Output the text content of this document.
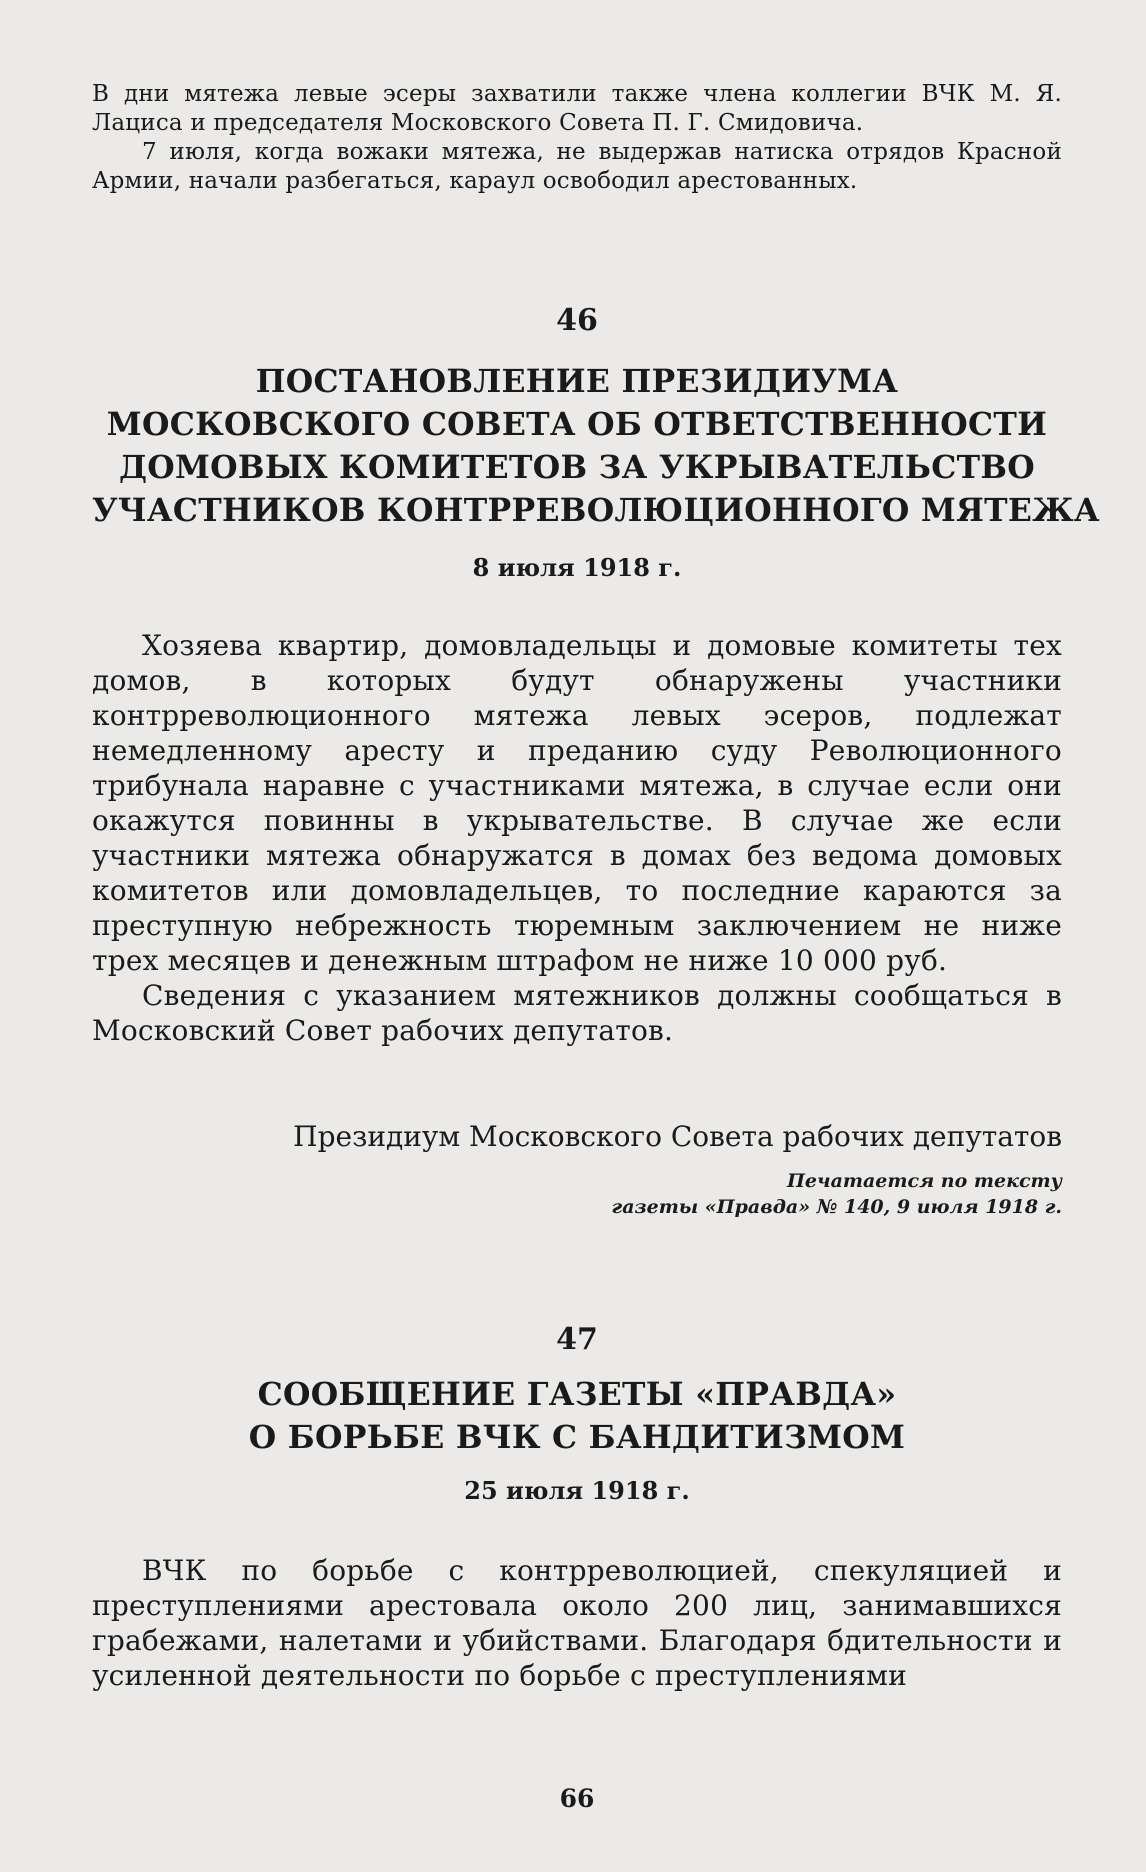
В дни мятежа левые эсеры захватили также члена коллегии ВЧК М. Я. Лациса и председателя Московского Совета П. Г. Смидовича.

7 июля, когда вожаки мятежа, не выдержав натиска отрядов Красной Армии, начали разбегаться, караул освободил арестованных.

46
ПОСТАНОВЛЕНИЕ ПРЕЗИДИУМА
МОСКОВСКОГО СОВЕТА ОБ ОТВЕТСТВЕННОСТИ
ДОМОВЫХ КОМИТЕТОВ ЗА УКРЫВАТЕЛЬСТВО
УЧАСТНИКОВ КОНТРРЕВОЛЮЦИОННОГО МЯТЕЖА
8 июля 1918 г.

Хозяева квартир, домовладельцы и домовые комитеты тех домов, в которых будут обнаружены участники контрреволюционного мятежа левых эсеров, подлежат немедленному аресту и преданию суду Революционного трибунала наравне с участниками мятежа, в случае если они окажутся повинны в укрывательстве. В случае же если участники мятежа обнаружатся в домах без ведома домовых комитетов или домовладельцев, то последние караются за преступную небрежность тюремным заключением не ниже трех месяцев и денежным штрафом не ниже 10 000 руб.

Сведения с указанием мятежников должны сообщаться в Московский Совет рабочих депутатов.

Президиум Московского Совета рабочих депутатов
Печатается по тексту
газеты «Правда» № 140, 9 июля 1918 г.
47
СООБЩЕНИЕ ГАЗЕТЫ «ПРАВДА»
О БОРЬБЕ ВЧК С БАНДИТИЗМОМ
25 июля 1918 г.

ВЧК по борьбе с контрреволюцией, спекуляцией и преступлениями арестовала около 200 лиц, занимавшихся грабежами, налетами и убийствами. Благодаря бдительности и усиленной деятельности по борьбе с преступлениями

66
